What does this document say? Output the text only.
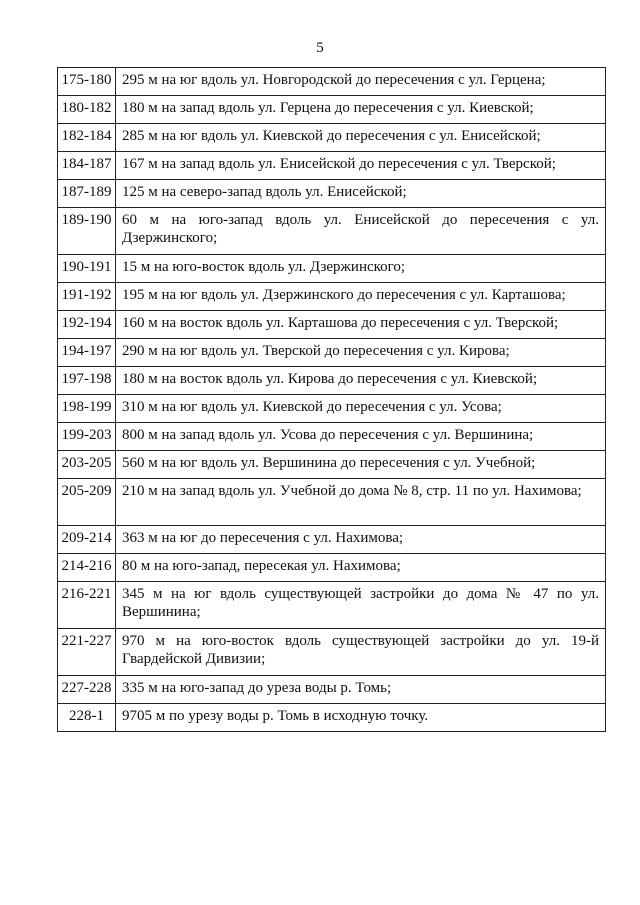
5
175-180	295 м на юг вдоль ул. Новгородской до пересечения с ул. Герцена;
180-182	180 м на запад вдоль ул. Герцена до пересечения с ул. Киевской;
182-184	285 м на юг вдоль ул. Киевской до пересечения с ул. Енисейской;
184-187	167 м на запад вдоль ул. Енисейской до пересечения с ул. Тверской;
187-189	125 м на северо-запад вдоль ул. Енисейской;
189-190	60 м на юго-запад вдоль ул. Енисейской до пересечения с ул. Дзержинского;
190-191	15 м на юго-восток вдоль ул. Дзержинского;
191-192	195 м на юг вдоль ул. Дзержинского до пересечения с ул. Карташова;
192-194	160 м на восток вдоль ул. Карташова до пересечения с ул. Тверской;
194-197	290 м на юг вдоль ул. Тверской до пересечения с ул. Кирова;
197-198	180 м на восток вдоль ул. Кирова до пересечения с ул. Киевской;
198-199	310 м на юг вдоль ул. Киевской до пересечения с ул. Усова;
199-203	800 м на запад вдоль ул. Усова до пересечения с ул. Вершинина;
203-205	560 м на юг вдоль ул. Вершинина до пересечения с ул. Учебной;
205-209	210 м на запад вдоль ул. Учебной до дома № 8, стр. 11 по ул. Нахимова;
209-214	363 м на юг до пересечения с ул. Нахимова;
214-216	80 м на юго-запад, пересекая ул. Нахимова;
216-221	345 м на юг вдоль существующей застройки до дома № 47 по ул. Вершинина;
221-227	970 м на юго-восток вдоль существующей застройки до ул. 19-й Гвардейской Дивизии;
227-228	335 м на юго-запад до уреза воды р. Томь;
228-1	9705 м по урезу воды р. Томь в исходную точку.
